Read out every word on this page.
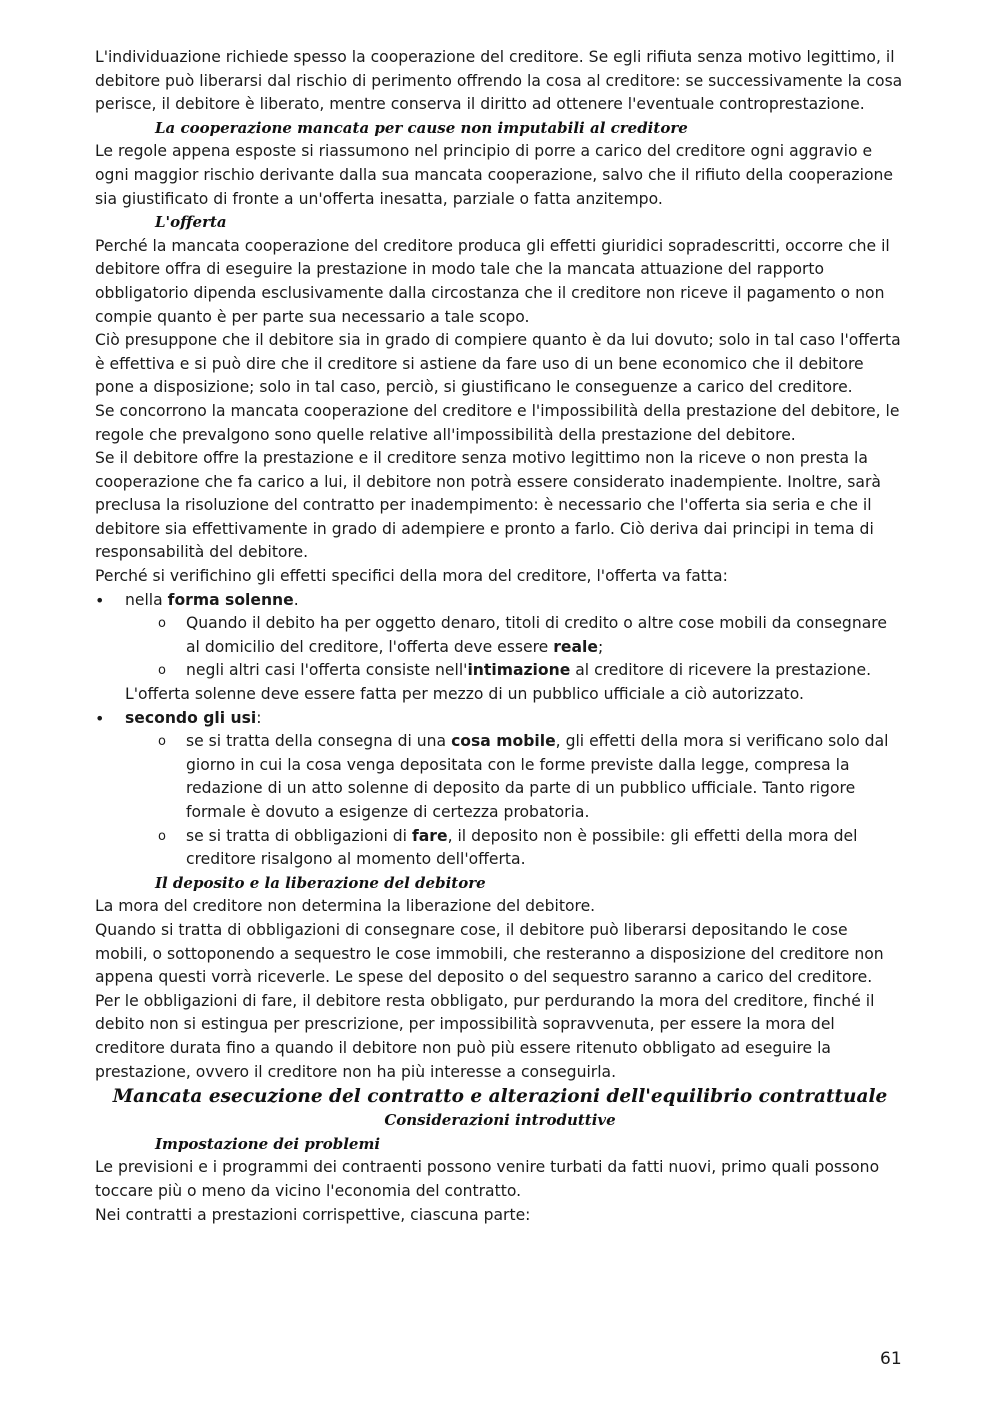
L'individuazione richiede spesso la cooperazione del creditore. Se egli rifiuta senza motivo legittimo, il debitore può liberarsi dal rischio di perimento offrendo la cosa al creditore: se successivamente la cosa perisce, il debitore è liberato, mentre conserva il diritto ad ottenere l'eventuale controprestazione.

La cooperazione mancata per cause non imputabili al creditore

Le regole appena esposte si riassumono nel principio di porre a carico del creditore ogni aggravio e ogni maggior rischio derivante dalla sua mancata cooperazione, salvo che il rifiuto della cooperazione sia giustificato di fronte a un'offerta inesatta, parziale o fatta anzitempo.

L'offerta

Perché la mancata cooperazione del creditore produca gli effetti giuridici sopradescritti, occorre che il debitore offra di eseguire la prestazione in modo tale che la mancata attuazione del rapporto obbligatorio dipenda esclusivamente dalla circostanza che il creditore non riceve il pagamento o non compie quanto è per parte sua necessario a tale scopo.

Ciò presuppone che il debitore sia in grado di compiere quanto è da lui dovuto; solo in tal caso l'offerta è effettiva e si può dire che il creditore si astiene da fare uso di un bene economico che il debitore pone a disposizione; solo in tal caso, perciò, si giustificano le conseguenze a carico del creditore.

Se concorrono la mancata cooperazione del creditore e l'impossibilità della prestazione del debitore, le regole che prevalgono sono quelle relative all'impossibilità della prestazione del debitore.

Se il debitore offre la prestazione e il creditore senza motivo legittimo non la riceve o non presta la cooperazione che fa carico a lui, il debitore non potrà essere considerato inadempiente. Inoltre, sarà preclusa la risoluzione del contratto per inadempimento: è necessario che l'offerta sia seria e che il debitore sia effettivamente in grado di adempiere e pronto a farlo. Ciò deriva dai principi in tema di responsabilità del debitore.

Perché si verifichino gli effetti specifici della mora del creditore, l'offerta va fatta:

• nella forma solenne.
o Quando il debito ha per oggetto denaro, titoli di credito o altre cose mobili da consegnare al domicilio del creditore, l'offerta deve essere reale;
o negli altri casi l'offerta consiste nell'intimazione al creditore di ricevere la prestazione.

L'offerta solenne deve essere fatta per mezzo di un pubblico ufficiale a ciò autorizzato.

• secondo gli usi:
o se si tratta della consegna di una cosa mobile, gli effetti della mora si verificano solo dal giorno in cui la cosa venga depositata con le forme previste dalla legge, compresa la redazione di un atto solenne di deposito da parte di un pubblico ufficiale. Tanto rigore formale è dovuto a esigenze di certezza probatoria.
o se si tratta di obbligazioni di fare, il deposito non è possibile: gli effetti della mora del creditore risalgono al momento dell'offerta.

Il deposito e la liberazione del debitore

La mora del creditore non determina la liberazione del debitore.

Quando si tratta di obbligazioni di consegnare cose, il debitore può liberarsi depositando le cose mobili, o sottoponendo a sequestro le cose immobili, che resteranno a disposizione del creditore non appena questi vorrà riceverle. Le spese del deposito o del sequestro saranno a carico del creditore.

Per le obbligazioni di fare, il debitore resta obbligato, pur perdurando la mora del creditore, finché il debito non si estingua per prescrizione, per impossibilità sopravvenuta, per essere la mora del creditore durata fino a quando il debitore non può più essere ritenuto obbligato ad eseguire la prestazione, ovvero il creditore non ha più interesse a conseguirla.

Mancata esecuzione del contratto e alterazioni dell'equilibrio contrattuale

Considerazioni introduttive

Impostazione dei problemi

Le previsioni e i programmi dei contraenti possono venire turbati da fatti nuovi, primo quali possono toccare più o meno da vicino l'economia del contratto.

Nei contratti a prestazioni corrispettive, ciascuna parte:

61
